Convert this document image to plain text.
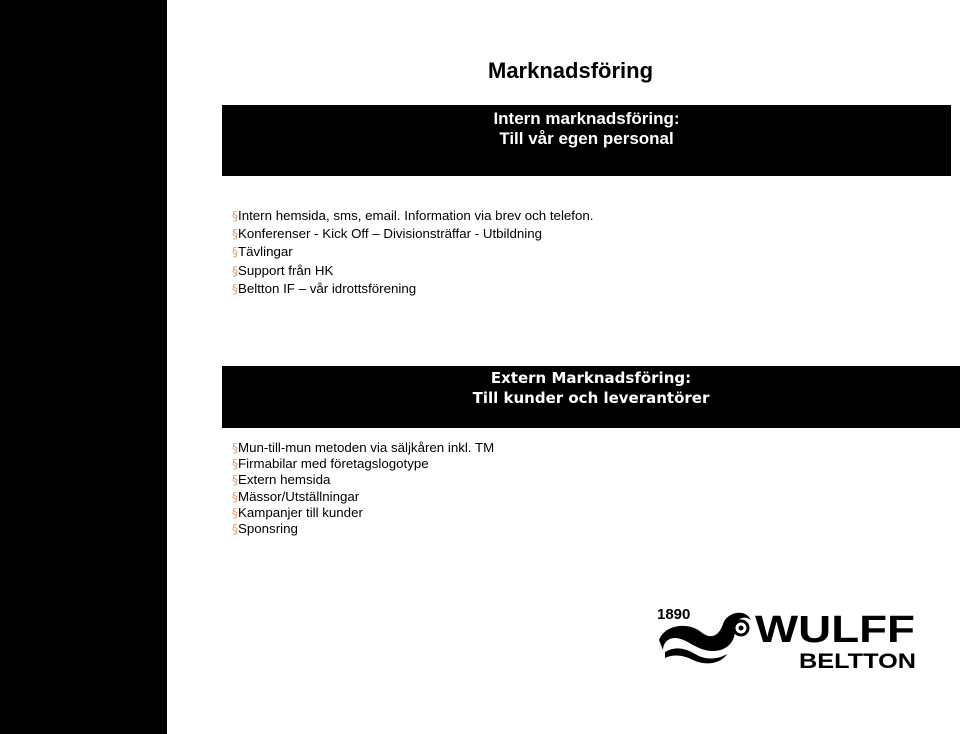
Marknadsföring
Intern marknadsföring:
Till vår egen personal
§Intern hemsida, sms, email. Information via brev och telefon.
§Konferenser - Kick Off – Divisionsträffar - Utbildning
§Tävlingar
§Support från HK
§Beltton IF – vår idrottsförening
Extern Marknadsföring:
Till kunder och leverantörer
§Mun-till-mun metoden via säljkåren inkl. TM
§Firmabilar med företagslogotype
§Extern hemsida
§Mässor/Utställningar
§Kampanjer till kunder
§Sponsring
1890 WULFF
BELTTON
